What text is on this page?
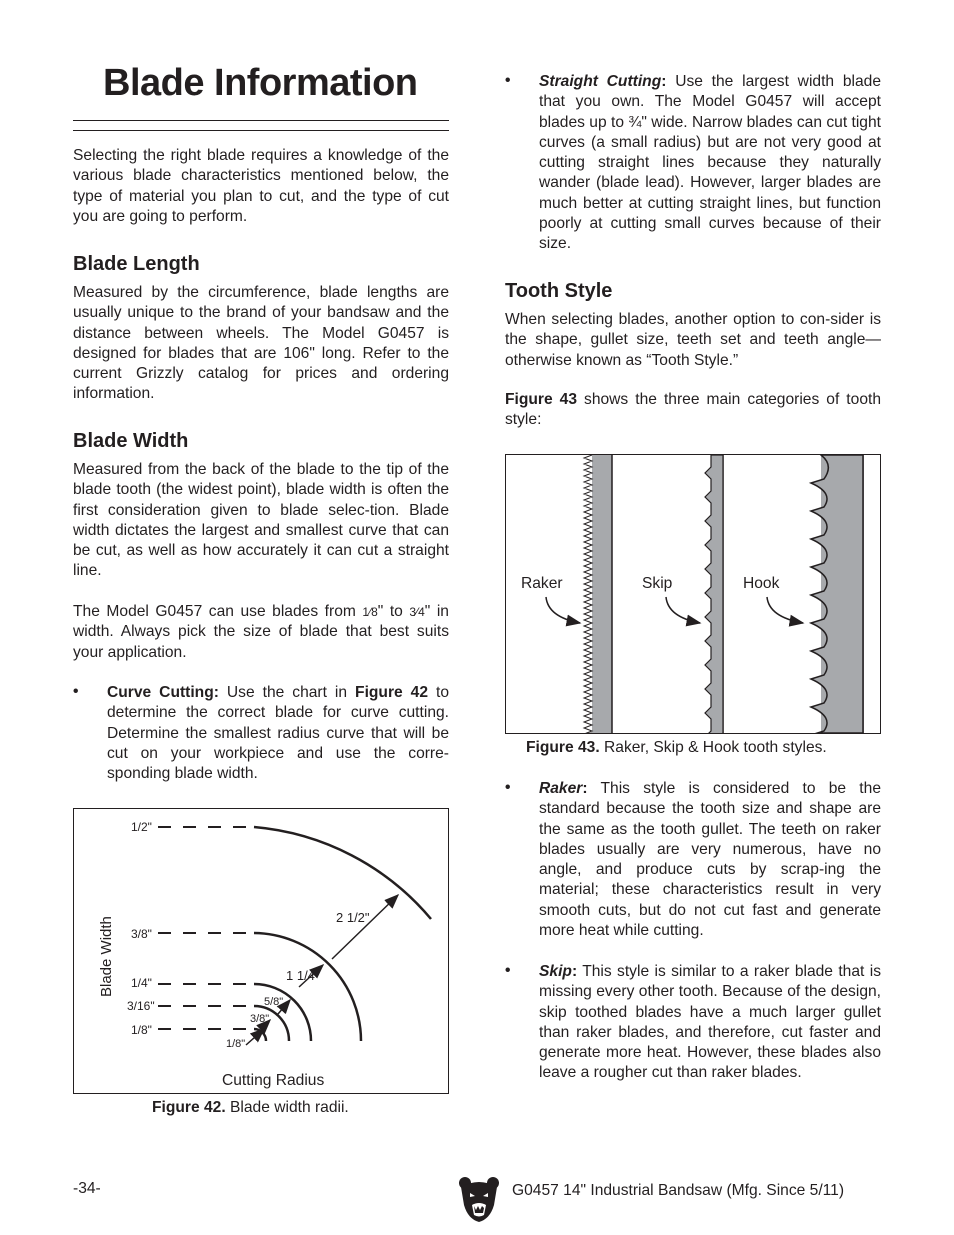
Blade Information

Selecting the right blade requires a knowledge of the various blade characteristics mentioned below, the type of material you plan to cut, and the type of cut you are going to perform.

Blade Length

Measured by the circumference, blade lengths are usually unique to the brand of your bandsaw and the distance between wheels. The Model G0457 is designed for blades that are 106" long. Refer to the current Grizzly catalog for prices and ordering information.

Blade Width

Measured from the back of the blade to the tip of the blade tooth (the widest point), blade width is often the first consideration given to blade selec-tion. Blade width dictates the largest and smallest curve that can be cut, as well as how accurately it can cut a straight line.

The Model G0457 can use blades from 1⁄8" to 3⁄4" in width. Always pick the size of blade that best suits your application.

• Curve Cutting: Use the chart in Figure 42 to determine the correct blade for curve cutting. Determine the smallest radius curve that will be cut on your workpiece and use the corre-sponding blade width.

1/2"
3/8"
1/4"
3/16"
1/8"
2 1/2"
1 1/4"
5/8"
3/8"
1/8"
Blade Width
Cutting Radius

Figure 42. Blade width radii.

• Straight Cutting: Use the largest width blade that you own. The Model G0457 will accept blades up to ¾" wide. Narrow blades can cut tight curves (a small radius) but are not very good at cutting straight lines because they naturally wander (blade lead). However, larger blades are much better at cutting straight lines, but function poorly at cutting small curves because of their size.

Tooth Style

When selecting blades, another option to con-sider is the shape, gullet size, teeth set and teeth angle—otherwise known as “Tooth Style.”

Figure 43 shows the three main categories of tooth style:

Raker	Skip	Hook

Figure 43. Raker, Skip & Hook tooth styles.

• Raker: This style is considered to be the standard because the tooth size and shape are the same as the tooth gullet. The teeth on raker blades usually are very numerous, have no angle, and produce cuts by scrap-ing the material; these characteristics result in very smooth cuts, but do not cut fast and generate more heat while cutting.

• Skip: This style is similar to a raker blade that is missing every other tooth. Because of the design, skip toothed blades have a much larger gullet than raker blades, and therefore, cut faster and generate more heat. However, these blades also leave a rougher cut than raker blades.

-34-	G0457 14" Industrial Bandsaw (Mfg. Since 5/11)
